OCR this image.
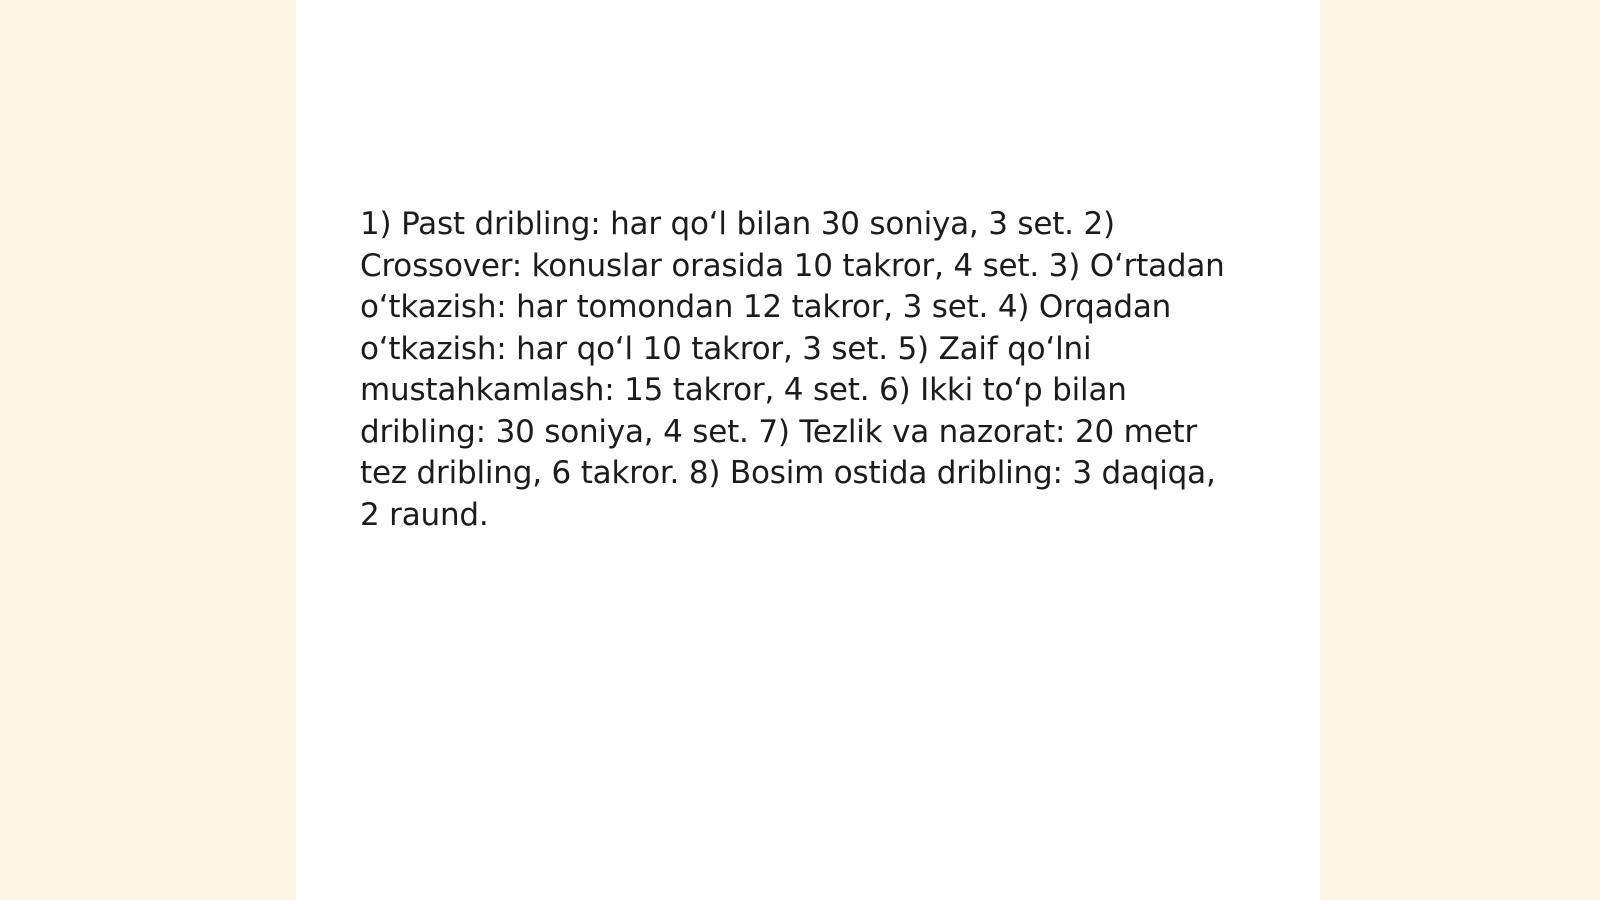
1) Past dribling: har qo‘l bilan 30 soniya, 3 set. 2) Crossover: konuslar orasida 10 takror, 4 set. 3) O‘rtadan o‘tkazish: har tomondan 12 takror, 3 set. 4) Orqadan o‘tkazish: har qo‘l 10 takror, 3 set. 5) Zaif qo‘lni mustahkamlash: 15 takror, 4 set. 6) Ikki to‘p bilan dribling: 30 soniya, 4 set. 7) Tezlik va nazorat: 20 metr tez dribling, 6 takror. 8) Bosim ostida dribling: 3 daqiqa, 2 raund.
